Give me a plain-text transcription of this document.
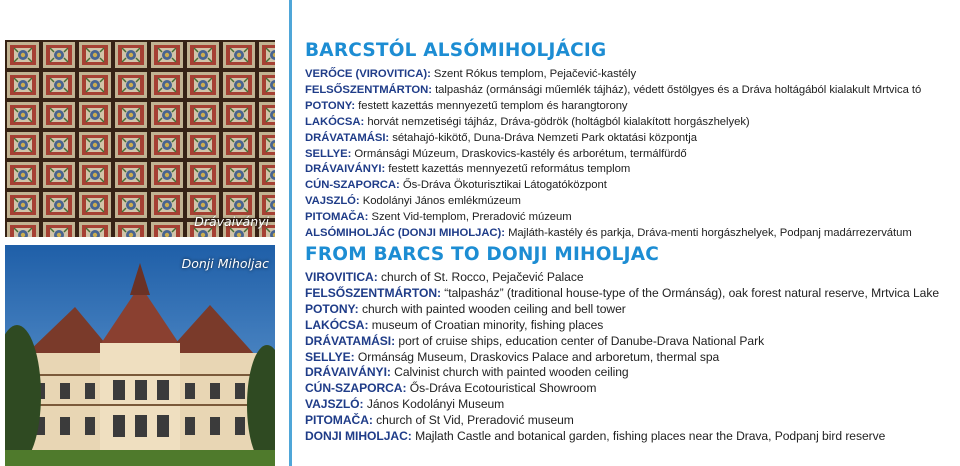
Drávaiványi
Donji Miholjac
BARCSTÓL ALSÓMIHOLJÁCIG
VERŐCE (VIROVITICA): Szent Rókus templom, Pejačević-kastély
FELSŐSZENTMÁRTON: talpasház (ormánsági műemlék tájház), védett őstölgyes és a Dráva holtágából kialakult Mrtvica tó
POTONY: festett kazettás mennyezetű templom és harangtorony
LAKÓCSA: horvát nemzetiségi tájház, Dráva-gödrök (holtágból kialakított horgászhelyek)
DRÁVATAMÁSI: sétahajó-kikötő, Duna-Dráva Nemzeti Park oktatási központja
SELLYE: Ormánsági Múzeum, Draskovics-kastély és arborétum, termálfürdő
DRÁVAIVÁNYI: festett kazettás mennyezetű református templom
CÚN-SZAPORCA: Ős-Dráva Ökoturisztikai Látogatóközpont
VAJSZLÓ: Kodolányi János emlékmúzeum
PITOMAČA: Szent Vid-templom, Preradović múzeum
ALSÓMIHOLJÁC (DONJI MIHOLJAC): Majláth-kastély és parkja, Dráva-menti horgászhelyek, Podpanj madárrezervátum
FROM BARCS TO DONJI MIHOLJAC
VIROVITICA: church of St. Rocco, Pejačević Palace
FELSŐSZENTMÁRTON: “talpasház” (traditional house-type of the Ormánság), oak forest natural reserve, Mrtvica Lake
POTONY: church with painted wooden ceiling and bell tower
LAKÓCSA: museum of Croatian minority, fishing places
DRÁVATAMÁSI: port of cruise ships, education center of Danube-Drava National Park
SELLYE: Ormánság Museum, Draskovics Palace and arboretum, thermal spa
DRÁVAIVÁNYI: Calvinist church with painted wooden ceiling
CÚN-SZAPORCA: Ős-Dráva Ecotouristical Showroom
VAJSZLÓ: János Kodolányi Museum
PITOMAČA: church of St Vid, Preradović museum
DONJI MIHOLJAC: Majlath Castle and botanical garden, fishing places near the Drava, Podpanj bird reserve
